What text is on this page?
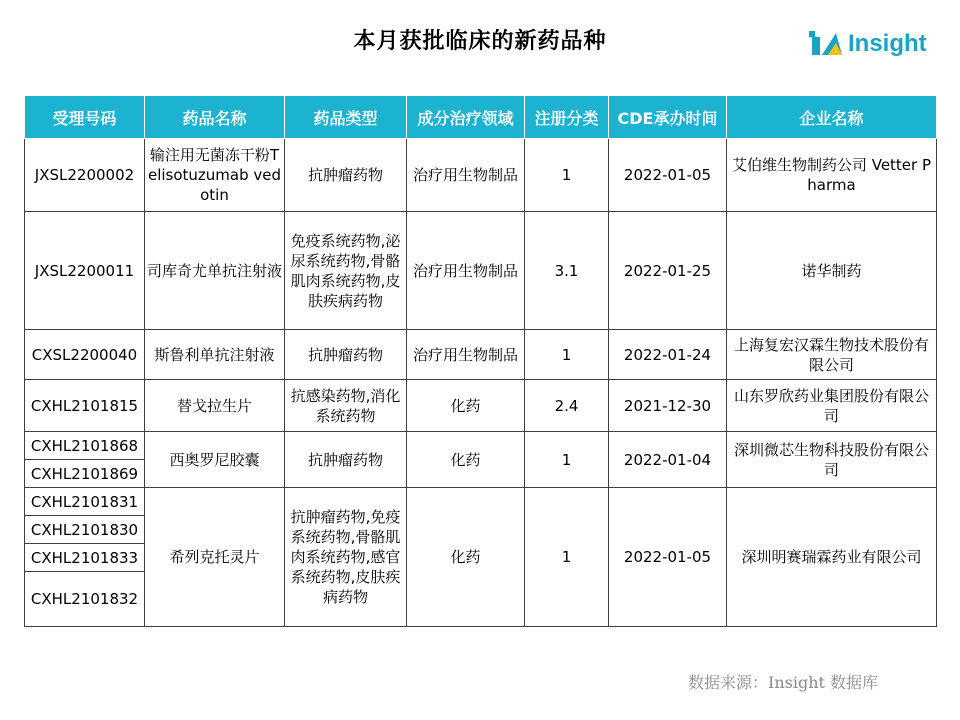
本月获批临床的新药品种	Insight
受理号码	药品名称	药品类型	成分治疗领域	注册分类	CDE承办时间	企业名称
JXSL2200002	输注用无菌冻干粉Telisotuzumab vedotin	抗肿瘤药物	治疗用生物制品	1	2022-01-05	艾伯维生物制药公司 Vetter Pharma
JXSL2200011	司库奇尤单抗注射液	免疫系统药物,泌尿系统药物,骨骼肌肉系统药物,皮肤疾病药物	治疗用生物制品	3.1	2022-01-25	诺华制药
CXSL2200040	斯鲁利单抗注射液	抗肿瘤药物	治疗用生物制品	1	2022-01-24	上海复宏汉霖生物技术股份有限公司
CXHL2101815	替戈拉生片	抗感染药物,消化系统药物	化药	2.4	2021-12-30	山东罗欣药业集团股份有限公司
CXHL2101868	西奥罗尼胶囊	抗肿瘤药物	化药	1	2022-01-04	深圳微芯生物科技股份有限公司
CXHL2101869						
CXHL2101831	希列克托灵片	抗肿瘤药物,免疫系统药物,骨骼肌肉系统药物,感官系统药物,皮肤疾病药物	化药	1	2022-01-05	深圳明赛瑞霖药业有限公司
CXHL2101830						
CXHL2101833						
CXHL2101832						
数据来源：Insight 数据库
